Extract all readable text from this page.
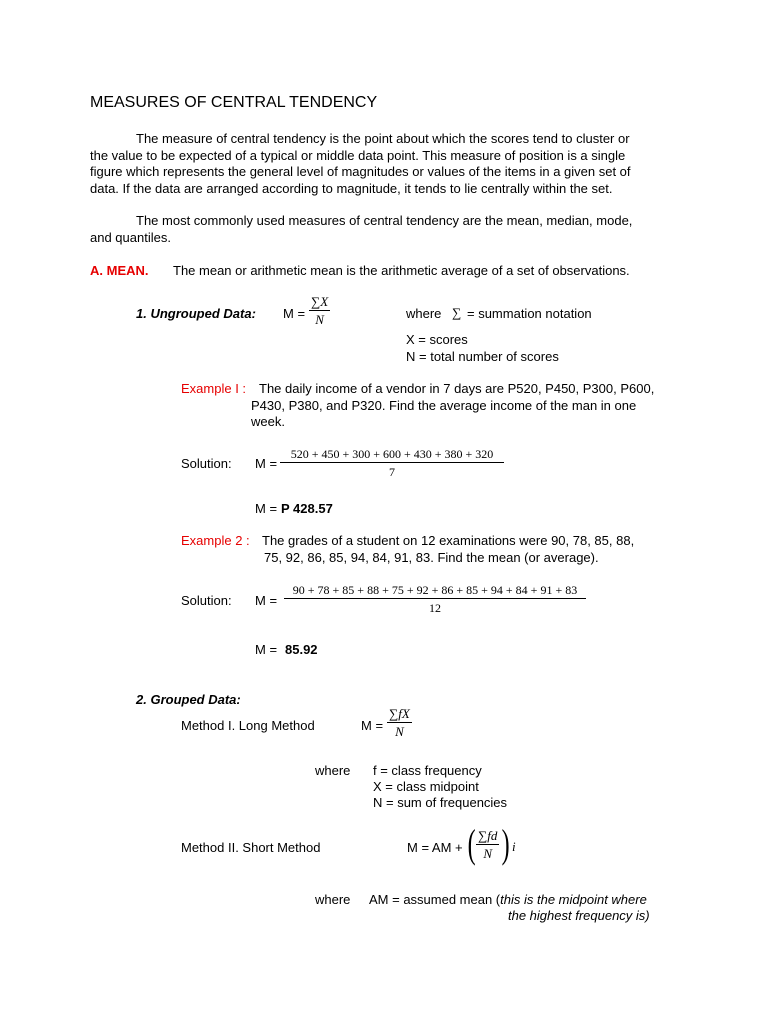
MEASURES OF CENTRAL TENDENCY
The measure of central tendency is the point about which the scores tend to cluster or
the value to be expected of a typical or middle data point. This measure of position is a single
figure which represents the general level of magnitudes or values of the items in a given set of
data. If the data are arranged according to magnitude, it tends to lie centrally within the set.
The most commonly used measures of central tendency are the mean, median, mode,
and quantiles.
A. MEAN. The mean or arithmetic mean is the arithmetic average of a set of observations.
1. Ungrouped Data: $M = \frac{\sum X}{N}$	where ∑ = summation notation
X = scores
N = total number of scores
Example I : The daily income of a vendor in 7 days are P520, P450, P300, P600,
P430, P380, and P320. Find the average income of the man in one
week.
Solution: $M = \frac{520 + 450 + 300 + 600 + 430 + 380 + 320}{7}$
M = P 428.57
Example 2 : The grades of a student on 12 examinations were 90, 78, 85, 88,
75, 92, 86, 85, 94, 84, 91, 83. Find the mean (or average).
Solution: $M = \frac{90 + 78 + 85 + 88 + 75 + 92 + 86 + 85 + 94 + 84 + 91 + 83}{12}$
M = 85.92
2. Grouped Data:
Method I. Long Method	$M = \frac{\sum fX}{N}$
where f = class frequency
X = class midpoint
N = sum of frequencies
Method II. Short Method	M = AM + ( $\frac{\sum fd}{N}$ ) i
where AM = assumed mean (this is the midpoint where
the highest frequency is)
